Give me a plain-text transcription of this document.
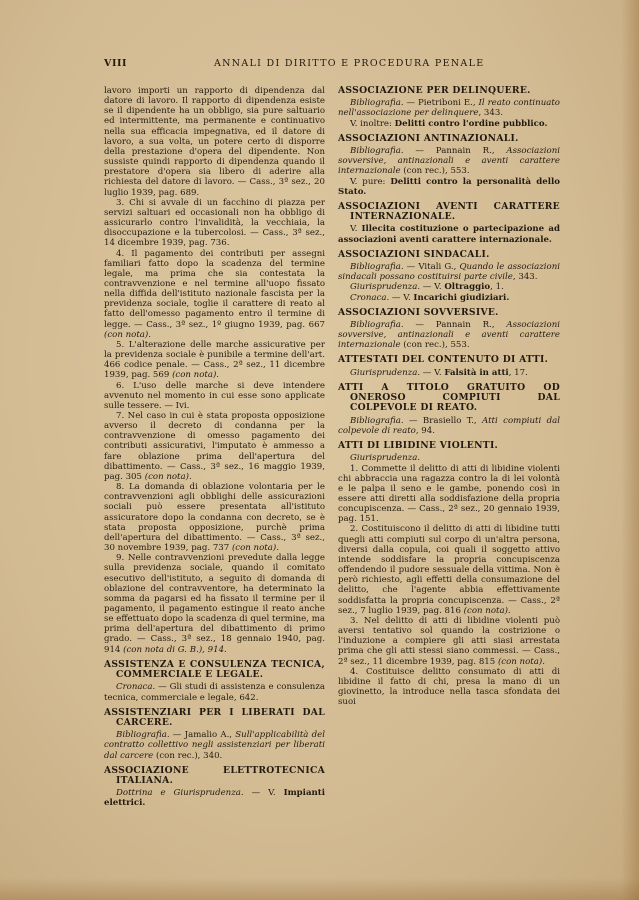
VIII	ANNALI DI DIRITTO E PROCEDURA PENALE

lavoro importi un rapporto di dipendenza dal datore di lavoro. Il rapporto di dipendenza esiste se il dipendente ha un obbligo, sia pure saltuario ed intermittente, ma permanente e continuativo nella sua efficacia impegnativa, ed il datore di lavoro, a sua volta, un potere certo di disporre della prestazione d'opera del dipendente. Non sussiste quindi rapporto di dipendenza quando il prestatore d'opera sia libero di aderire alla richiesta del datore di lavoro. — Cass., 3ª sez., 20 luglio 1939, pag. 689.

3. Chi si avvale di un facchino di piazza per servizi saltuari ed occasionali non ha obbligo di assicurarlo contro l'invalidità, la vecchiaia, la disoccupazione e la tubercolosi. — Cass., 3ª sez., 14 dicembre 1939, pag. 736.

4. Il pagamento dei contributi per assegni familiari fatto dopo la scadenza del termine legale, ma prima che sia contestata la contravvenzione e nel termine all'uopo fissato nella diffida dell'istituto nazionale fascista per la previdenza sociale, toglie il carattere di reato al fatto dell'omesso pagamento entro il termine di legge. — Cass., 3ª sez., 1º giugno 1939, pag. 667 (con nota).

5. L'alterazione delle marche assicurative per la previdenza sociale è punibile a termine dell'art. 466 codice penale. — Cass., 2ª sez., 11 dicembre 1939, pag. 569 (con nota).

6. L'uso delle marche si deve intendere avvenuto nel momento in cui esse sono applicate sulle tessere. — Ivi.

7. Nel caso in cui è stata proposta opposizione avverso il decreto di condanna per la contravvenzione di omesso pagamento dei contributi assicurativi, l'imputato è ammesso a fare oblazione prima dell'apertura del dibattimento. — Cass., 3ª sez., 16 maggio 1939, pag. 305 (con nota).

8. La domanda di oblazione volontaria per le contravvenzioni agli obblighi delle assicurazioni sociali può essere presentata all'istituto assicuratore dopo la condanna con decreto, se è stata proposta opposizione, purchè prima dell'apertura del dibattimento. — Cass., 3ª sez., 30 novembre 1939, pag. 737 (con nota).

9. Nelle contravvenzioni prevedute dalla legge sulla previdenza sociale, quando il comitato esecutivo dell'istituto, a seguito di domanda di oblazione del contravventore, ha determinato la somma da pagarsi ed ha fissato il termine per il pagamento, il pagamento estingue il reato anche se effettuato dopo la scadenza di quel termine, ma prima dell'apertura del dibattimento di primo grado. — Cass., 3ª sez., 18 gennaio 1940, pag. 914 (con nota di G. B.), 914.

ASSISTENZA E CONSULENZA TECNICA, COMMERCIALE E LEGALE.

Cronaca. — Gli studi di assistenza e consulenza tecnica, commerciale e legale, 642.

ASSISTENZIARI PER I LIBERATI DAL CARCERE.

Bibliografia. — Jamalio A., Sull'applicabilità del contratto collettivo negli assistenziari per liberati dal carcere (con rec.), 340.

ASSOCIAZIONE ELETTROTECNICA ITALIANA.

Dottrina e Giurisprudenza. — V. Impianti elettrici.

ASSOCIAZIONE PER DELINQUERE.

Bibliografia. — Pietriboni E., Il reato continuato nell'associazione per delinquere, 343.

V. inoltre: Delitti contro l'ordine pubblico.

ASSOCIAZIONI ANTINAZIONALI.

Bibliografia. — Pannain R., Associazioni sovversive, antinazionali e aventi carattere internazionale (con rec.), 553.

V. pure: Delitti contro la personalità dello Stato.

ASSOCIAZIONI AVENTI CARATTERE INTERNAZIONALE.

V. Illecita costituzione o partecipazione ad associazioni aventi carattere internazionale.

ASSOCIAZIONI SINDACALI.

Bibliografia. — Vitali G., Quando le associazioni sindacali possano costituirsi parte civile, 343.

Giurisprudenza. — V. Oltraggio, 1.

Cronaca. — V. Incarichi giudiziari.

ASSOCIAZIONI SOVVERSIVE.

Bibliografia. — Pannain R., Associazioni sovversive, antinazionali e aventi carattere internazionale (con rec.), 553.

ATTESTATI DEL CONTENUTO DI ATTI.

Giurisprudenza. — V. Falsità in atti, 17.

ATTI A TITOLO GRATUITO OD ONEROSO COMPIUTI DAL COLPEVOLE DI REATO.

Bibliografia. — Brasiello T., Atti compiuti dal colpevole di reato, 94.

ATTI DI LIBIDINE VIOLENTI.

Giurisprudenza.

1. Commette il delitto di atti di libidine violenti chi abbraccia una ragazza contro la di lei volontà e le palpa il seno e le gambe, ponendo così in essere atti diretti alla soddisfazione della propria concupiscenza. — Cass., 2ª sez., 20 gennaio 1939, pag. 151.

2. Costituiscono il delitto di atti di libidine tutti quegli atti compiuti sul corpo di un'altra persona, diversi dalla copula, coi quali il soggetto attivo intende soddisfare la propria concupiscenza offendendo il pudore sessuale della vittima. Non è però richiesto, agli effetti della consumazione del delitto, che l'agente abbia effettivamente soddisfatta la propria concupiscenza. — Cass., 2ª sez., 7 luglio 1939, pag. 816 (con nota).

3. Nel delitto di atti di libidine violenti può aversi tentativo sol quando la costrizione o l'induzione a compiere gli atti siasi arrestata prima che gli atti stessi siano commessi. — Cass., 2ª sez., 11 dicembre 1939, pag. 815 (con nota).

4. Costituisce delitto consumato di atti di libidine il fatto di chi, presa la mano di un giovinetto, la introduce nella tasca sfondata dei suoi
